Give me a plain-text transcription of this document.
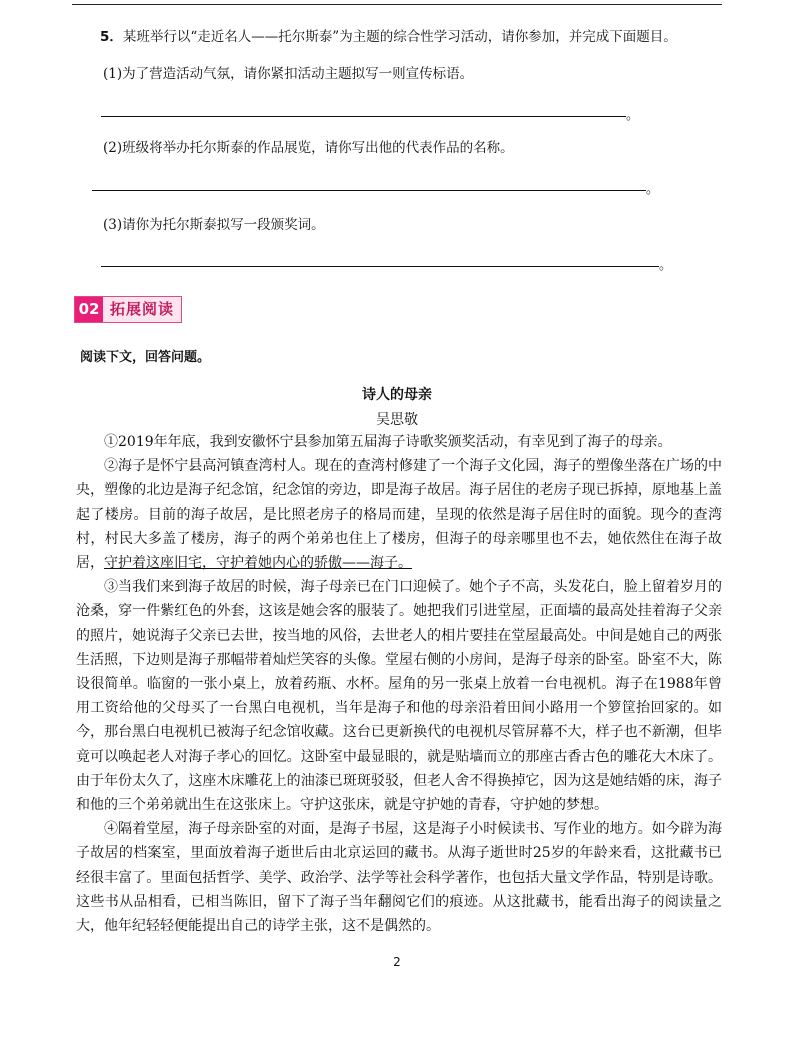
5．某班举行以“走近名人——托尔斯泰”为主题的综合性学习活动，请你参加，并完成下面题目。
(1)为了营造活动气氛，请你紧扣活动主题拟写一则宣传标语。
。
(2)班级将举办托尔斯泰的作品展览，请你写出他的代表作品的名称。
。
(3)请你为托尔斯泰拟写一段颁奖词。
。
02 拓展阅读
阅读下文，回答问题。
诗人的母亲
吴思敬

①2019年年底，我到安徽怀宁县参加第五届海子诗歌奖颁奖活动，有幸见到了海子的母亲。

②海子是怀宁县高河镇查湾村人。现在的查湾村修建了一个海子文化园，海子的塑像坐落在广场的中央，塑像的北边是海子纪念馆，纪念馆的旁边，即是海子故居。海子居住的老房子现已拆掉，原地基上盖起了楼房。目前的海子故居，是比照老房子的格局而建，呈现的依然是海子居住时的面貌。现今的查湾村，村民大多盖了楼房，海子的两个弟弟也住上了楼房，但海子的母亲哪里也不去，她依然住在海子故居，守护着这座旧宅，守护着她内心的骄傲——海子。

③当我们来到海子故居的时候，海子母亲已在门口迎候了。她个子不高，头发花白，脸上留着岁月的沧桑，穿一件紫红色的外套，这该是她会客的服装了。她把我们引进堂屋，正面墙的最高处挂着海子父亲的照片，她说海子父亲已去世，按当地的风俗，去世老人的相片要挂在堂屋最高处。中间是她自己的两张生活照，下边则是海子那幅带着灿烂笑容的头像。堂屋右侧的小房间，是海子母亲的卧室。卧室不大，陈设很简单。临窗的一张小桌上，放着药瓶、水杯。屋角的另一张桌上放着一台电视机。海子在1988年曾用工资给他的父母买了一台黑白电视机，当年是海子和他的母亲沿着田间小路用一个箩筐抬回家的。如今，那台黑白电视机已被海子纪念馆收藏。这台已更新换代的电视机尽管屏幕不大，样子也不新潮，但毕竟可以唤起老人对海子孝心的回忆。这卧室中最显眼的，就是贴墙而立的那座古香古色的雕花大木床了。由于年份太久了，这座木床雕花上的油漆已斑斑驳驳，但老人舍不得换掉它，因为这是她结婚的床，海子和他的三个弟弟就出生在这张床上。守护这张床，就是守护她的青春，守护她的梦想。

④隔着堂屋，海子母亲卧室的对面，是海子书屋，这是海子小时候读书、写作业的地方。如今辟为海子故居的档案室，里面放着海子逝世后由北京运回的藏书。从海子逝世时25岁的年龄来看，这批藏书已经很丰富了。里面包括哲学、美学、政治学、法学等社会科学著作，也包括大量文学作品，特别是诗歌。这些书从品相看，已相当陈旧，留下了海子当年翻阅它们的痕迹。从这批藏书，能看出海子的阅读量之大，他年纪轻轻便能提出自己的诗学主张，这不是偶然的。

2
